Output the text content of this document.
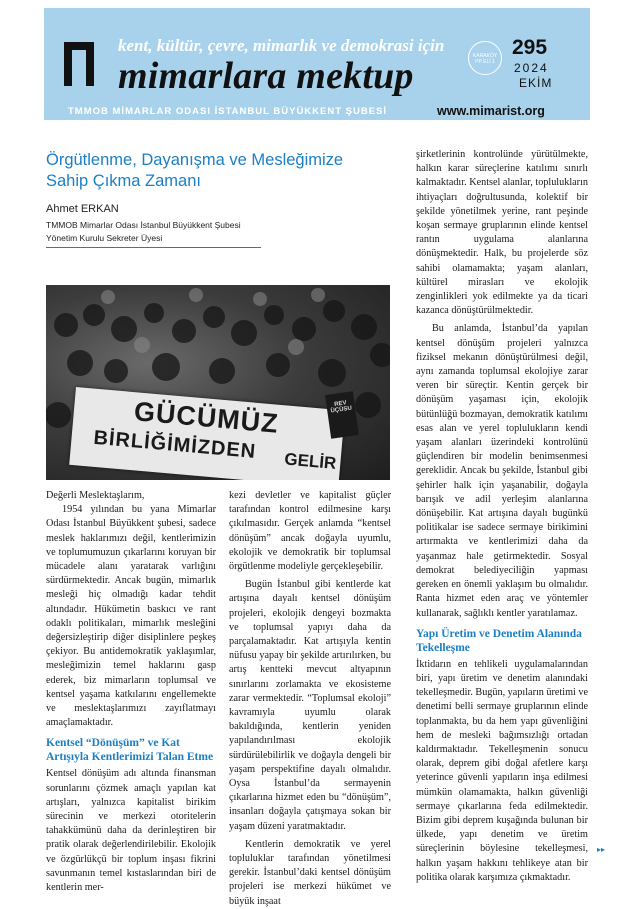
kent, kültür, çevre, mimarlık ve demokrasi için
mimarlara mektup	KARAKÖY PP ELİ 1
295
2024
EKİM
TMMOB MİMARLAR ODASI İSTANBUL BÜYÜKKENT ŞUBESİ	www.mimarist.org
Örgütlenme, Dayanışma ve Mesleğimize Sahip Çıkma Zamanı
Ahmet ERKAN
TMMOB Mimarlar Odası İstanbul Büyükkent Şubesi
Yönetim Kurulu Sekreter Üyesi
GÜCÜMÜZ
BİRLİĞİMİZDEN GELİR
REV ÜÇÜSU

Değerli Meslektaşlarım,

1954 yılından bu yana Mimarlar Odası İstanbul Büyükkent şubesi, sadece meslek haklarımızı değil, kentlerimizin ve toplumumuzun çıkarlarını koruyan bir mücadele alanı yaratarak varlığını sürdürmektedir. Ancak bugün, mimarlık mesleği hiç olmadığı kadar tehdit altındadır. Hükümetin baskıcı ve rant odaklı politikaları, mimarlık mesleğini değersizleştirip diğer disiplinlere peşkeş çekiyor. Bu antidemokratik yaklaşımlar, mesleğimizin temel haklarını gasp ederek, biz mimarların toplumsal ve kentsel yaşama katkılarını engellemekte ve meslektaşlarımızı zayıflatmayı amaçlamaktadır.

Kentsel “Dönüşüm” ve Kat Artışıyla Kentlerimizi Talan Etme

Kentsel dönüşüm adı altında finansman sorunlarını çözmek amaçlı yapılan kat artışları, yalnızca kapitalist birikim sürecinin ve merkezi otoritelerin tahakkümünü daha da derinleştiren bir pratik olarak değerlendirilebilir. Ekolojik ve özgürlükçü bir toplum inşası fikrini savunmanın temel kıstaslarından biri de kentlerin mer-

kezi devletler ve kapitalist güçler tarafından kontrol edilmesine karşı çıkılmasıdır. Gerçek anlamda “kentsel dönüşüm” ancak doğayla uyumlu, ekolojik ve demokratik bir toplumsal örgütlenme modeliyle gerçekleşebilir.

Bugün İstanbul gibi kentlerde kat artışına dayalı kentsel dönüşüm projeleri, ekolojik dengeyi bozmakta ve toplumsal yapıyı daha da parçalamaktadır. Kat artışıyla kentin nüfusu yapay bir şekilde artırılırken, bu artış kentteki mevcut altyapının sınırlarını zorlamakta ve ekosisteme zarar vermektedir. “Toplumsal ekoloji” kavramıyla uyumlu olarak bakıldığında, kentlerin yeniden yapılandırılması ekolojik sürdürülebilirlik ve doğayla dengeli bir yaşam perspektifine dayalı olmalıdır. Oysa İstanbul’da sermayenin çıkarlarına hizmet eden bu “dönüşüm”, insanları doğayla çatışmaya sokan bir yaşam düzeni yaratmaktadır.

Kentlerin demokratik ve yerel topluluklar tarafından yönetilmesi gerekir. İstanbul’daki kentsel dönüşüm projeleri ise merkezi hükümet ve büyük inşaat

şirketlerinin kontrolünde yürütülmekte, halkın karar süreçlerine katılımı sınırlı kalmaktadır. Kentsel alanlar, toplulukların ihtiyaçları doğrultusunda, kolektif bir şekilde yönetilmek yerine, rant peşinde koşan sermaye gruplarının elinde kentsel rantın uygulama alanlarına dönüşmektedir. Halk, bu projelerde söz sahibi olamamakta; yaşam alanları, kültürel mirasları ve ekolojik zenginlikleri yok edilmekte ya da ticari kazanca dönüştürülmektedir.

Bu anlamda, İstanbul’da yapılan kentsel dönüşüm projeleri yalnızca fiziksel mekanın dönüştürülmesi değil, aynı zamanda toplumsal ekolojiye zarar veren bir süreçtir. Kentin gerçek bir dönüşüm yaşaması için, ekolojik bütünlüğü bozmayan, demokratik katılımı esas alan ve yerel toplulukların kendi yaşam alanları üzerindeki kontrolünü güçlendiren bir modelin benimsenmesi gereklidir. Ancak bu şekilde, İstanbul gibi şehirler halk için yaşanabilir, doğayla barışık ve adil yerleşim alanlarına dönüşebilir. Kat artışına dayalı bugünkü politikalar ise sadece sermaye birikimini artırmakta ve kentlerimizi daha da yaşanmaz hale getirmektedir. Sosyal demokrat belediyeciliğin yapması gereken en önemli yaklaşım bu olmalıdır. Ranta hizmet eden araç ve yöntemler kullanarak, sağlıklı kentler yaratılamaz.

Yapı Üretim ve Denetim Alanında Tekelleşme

İktidarın en tehlikeli uygulamalarından biri, yapı üretim ve denetim alanındaki tekelleşmedir. Bugün, yapıların üretimi ve denetimi belli sermaye gruplarının elinde toplanmakta, bu da hem yapı güvenliğini hem de mesleki bağımsızlığı ortadan kaldırmaktadır. Tekelleşmenin sonucu olarak, deprem gibi doğal afetlere karşı yeterince güvenli yapıların inşa edilmesi mümkün olamamakta, halkın güvenliği sermaye çıkarlarına feda edilmektedir. Bizim gibi deprem kuşağında bulunan bir ülkede, yapı denetim ve üretim süreçlerinin böylesine tekelleşmesi, halkın yaşam hakkını tehlikeye atan bir politika olarak karşımıza çıkmaktadır.

▸▸
